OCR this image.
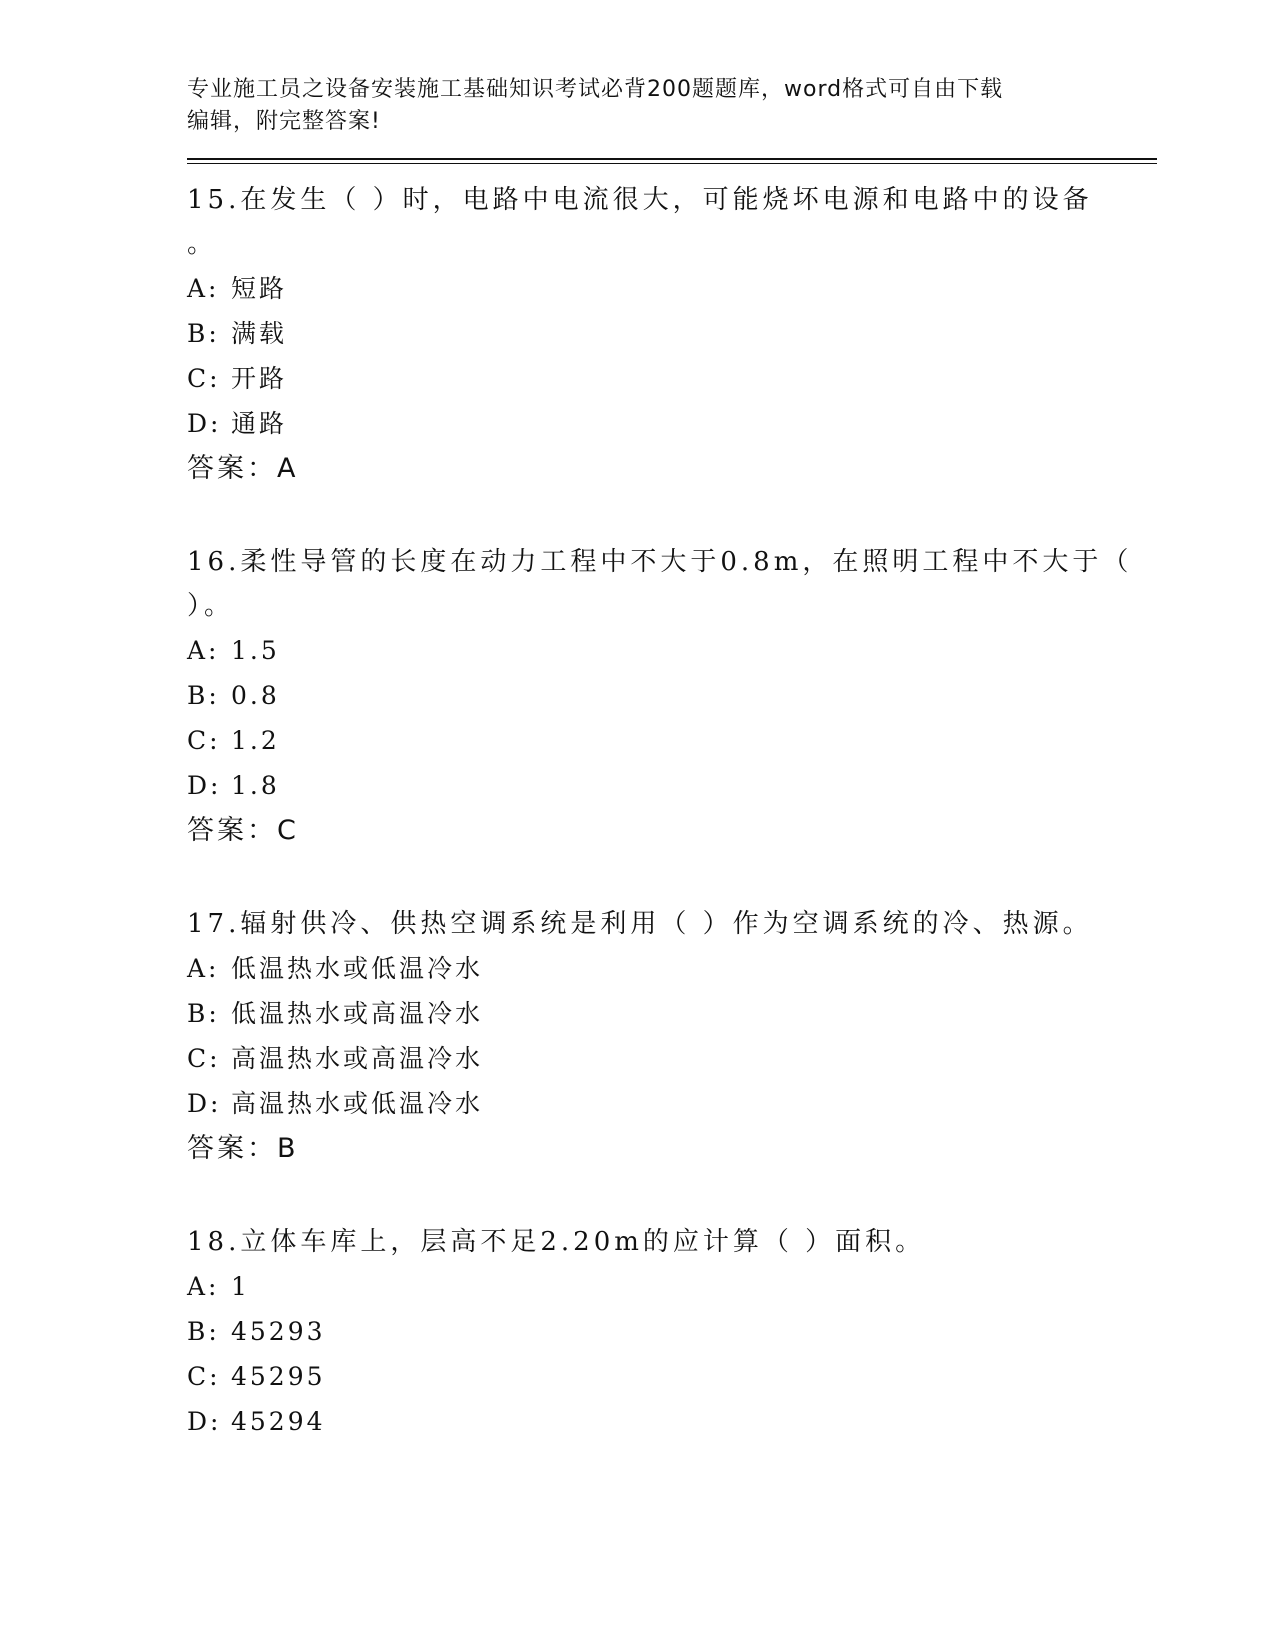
专业施工员之设备安装施工基础知识考试必背200题题库，word格式可自由下载
编辑，附完整答案!
15.在发生（ ）时，电路中电流很大，可能烧坏电源和电路中的设备
。
A: 短路
B: 满载
C: 开路
D: 通路
答案：A
16.柔性导管的长度在动力工程中不大于0.8m，在照明工程中不大于（
）。
A: 1.5
B: 0.8
C: 1.2
D: 1.8
答案：C
17.辐射供冷、供热空调系统是利用（ ）作为空调系统的冷、热源。
A: 低温热水或低温冷水
B: 低温热水或高温冷水
C: 高温热水或高温冷水
D: 高温热水或低温冷水
答案：B
18.立体车库上，层高不足2.20m的应计算（ ）面积。
A: 1
B: 45293
C: 45295
D: 45294
